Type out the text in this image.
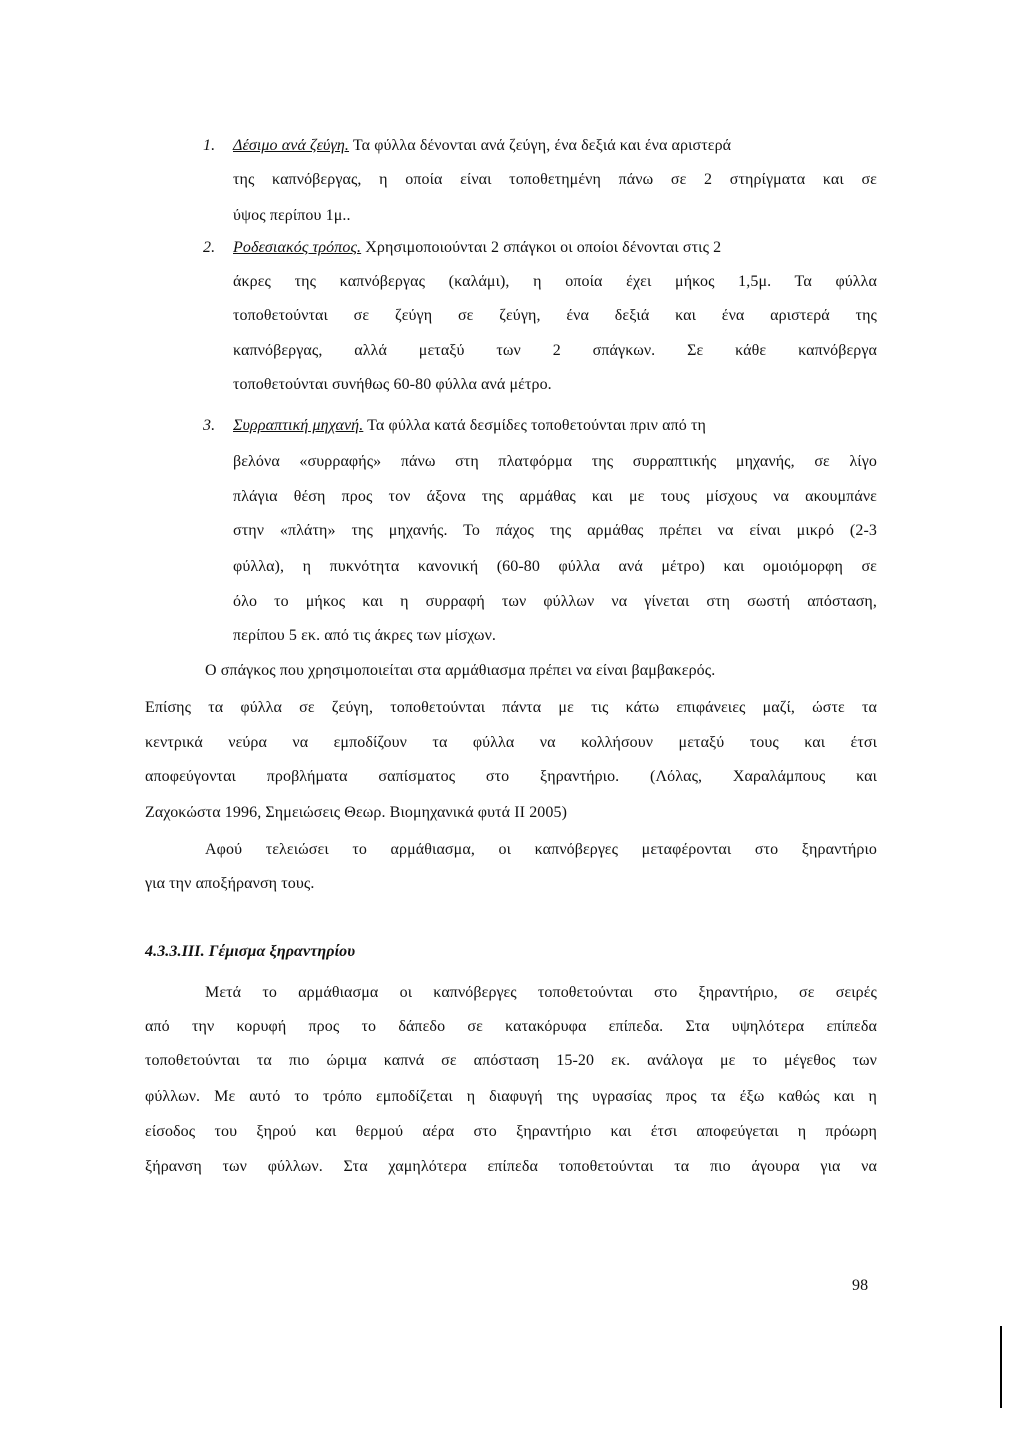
1. Δέσιμο ανά ζεύγη. Τα φύλλα δένονται ανά ζεύγη, ένα δεξιά και ένα αριστερά
της καπνόβεργας, η οποία είναι τοποθετημένη πάνω σε 2 στηρίγματα και σε
ύψος περίπου 1μ..
2. Ροδεσιακός τρόπος. Χρησιμοποιούνται 2 σπάγκοι οι οποίοι δένονται στις 2
άκρες της καπνόβεργας (καλάμι), η οποία έχει μήκος 1,5μ. Τα φύλλα
τοποθετούνται σε ζεύγη σε ζεύγη, ένα δεξιά και ένα αριστερά της
καπνόβεργας, αλλά μεταξύ των 2 σπάγκων. Σε κάθε καπνόβεργα
τοποθετούνται συνήθως 60-80 φύλλα ανά μέτρο.
3. Συρραπτική μηχανή. Τα φύλλα κατά δεσμίδες τοποθετούνται πριν από τη
βελόνα «συρραφής» πάνω στη πλατφόρμα της συρραπτικής μηχανής, σε λίγο
πλάγια θέση προς τον άξονα της αρμάθας και με τους μίσχους να ακουμπάνε
στην «πλάτη» της μηχανής. Το πάχος της αρμάθας πρέπει να είναι μικρό (2-3
φύλλα), η πυκνότητα κανονική (60-80 φύλλα ανά μέτρο) και ομοιόμορφη σε
όλο το μήκος και η συρραφή των φύλλων να γίνεται στη σωστή απόσταση,
περίπου 5 εκ. από τις άκρες των μίσχων.
Ο σπάγκος που χρησιμοποιείται στα αρμάθιασμα πρέπει να είναι βαμβακερός.
Επίσης τα φύλλα σε ζεύγη, τοποθετούνται πάντα με τις κάτω επιφάνειες μαζί, ώστε τα
κεντρικά νεύρα να εμποδίζουν τα φύλλα να κολλήσουν μεταξύ τους και έτσι
αποφεύγονται προβλήματα σαπίσματος στο ξηραντήριο. (Λόλας, Χαραλάμπους και
Ζαχοκώστα 1996, Σημειώσεις Θεωρ. Βιομηχανικά φυτά ΙΙ 2005)
Αφού τελειώσει το αρμάθιασμα, οι καπνόβεργες μεταφέρονται στο ξηραντήριο
για την αποξήρανση τους.
4.3.3.ΙΙΙ. Γέμισμα ξηραντηρίου
Μετά το αρμάθιασμα οι καπνόβεργες τοποθετούνται στο ξηραντήριο, σε σειρές
από την κορυφή προς το δάπεδο σε κατακόρυφα επίπεδα. Στα υψηλότερα επίπεδα
τοποθετούνται τα πιο ώριμα καπνά σε απόσταση 15-20 εκ. ανάλογα με το μέγεθος των
φύλλων. Με αυτό το τρόπο εμποδίζεται η διαφυγή της υγρασίας προς τα έξω καθώς και η
είσοδος του ξηρού και θερμού αέρα στο ξηραντήριο και έτσι αποφεύγεται η πρόωρη
ξήρανση των φύλλων. Στα χαμηλότερα επίπεδα τοποθετούνται τα πιο άγουρα για να
98
